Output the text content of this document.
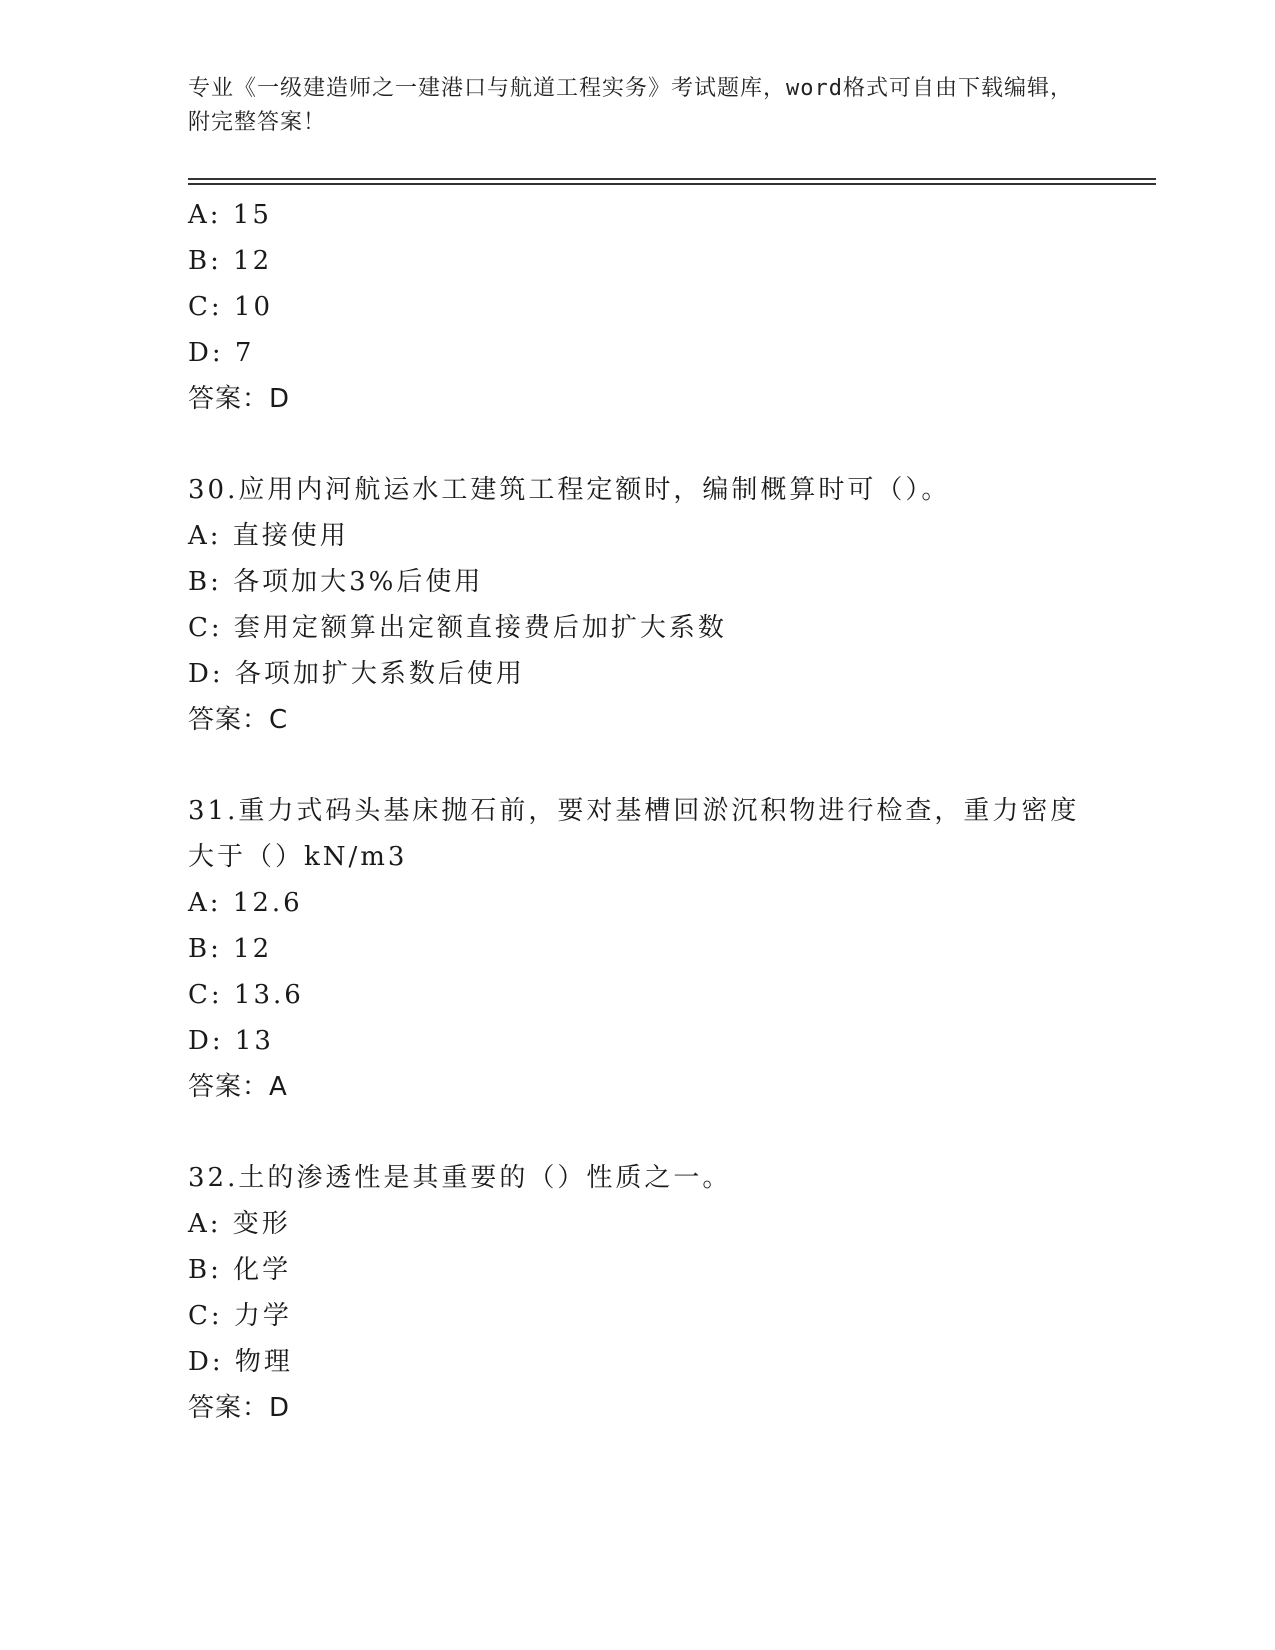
专业《一级建造师之一建港口与航道工程实务》考试题库，word格式可自由下载编辑，附完整答案！
A: 15
B: 12
C: 10
D: 7
答案：D
30.应用内河航运水工建筑工程定额时，编制概算时可（）。
A: 直接使用
B: 各项加大3%后使用
C: 套用定额算出定额直接费后加扩大系数
D: 各项加扩大系数后使用
答案：C
31.重力式码头基床抛石前，要对基槽回淤沉积物进行检查，重力密度
大于（）kN/m3
A: 12.6
B: 12
C: 13.6
D: 13
答案：A
32.土的渗透性是其重要的（）性质之一。
A: 变形
B: 化学
C: 力学
D: 物理
答案：D
